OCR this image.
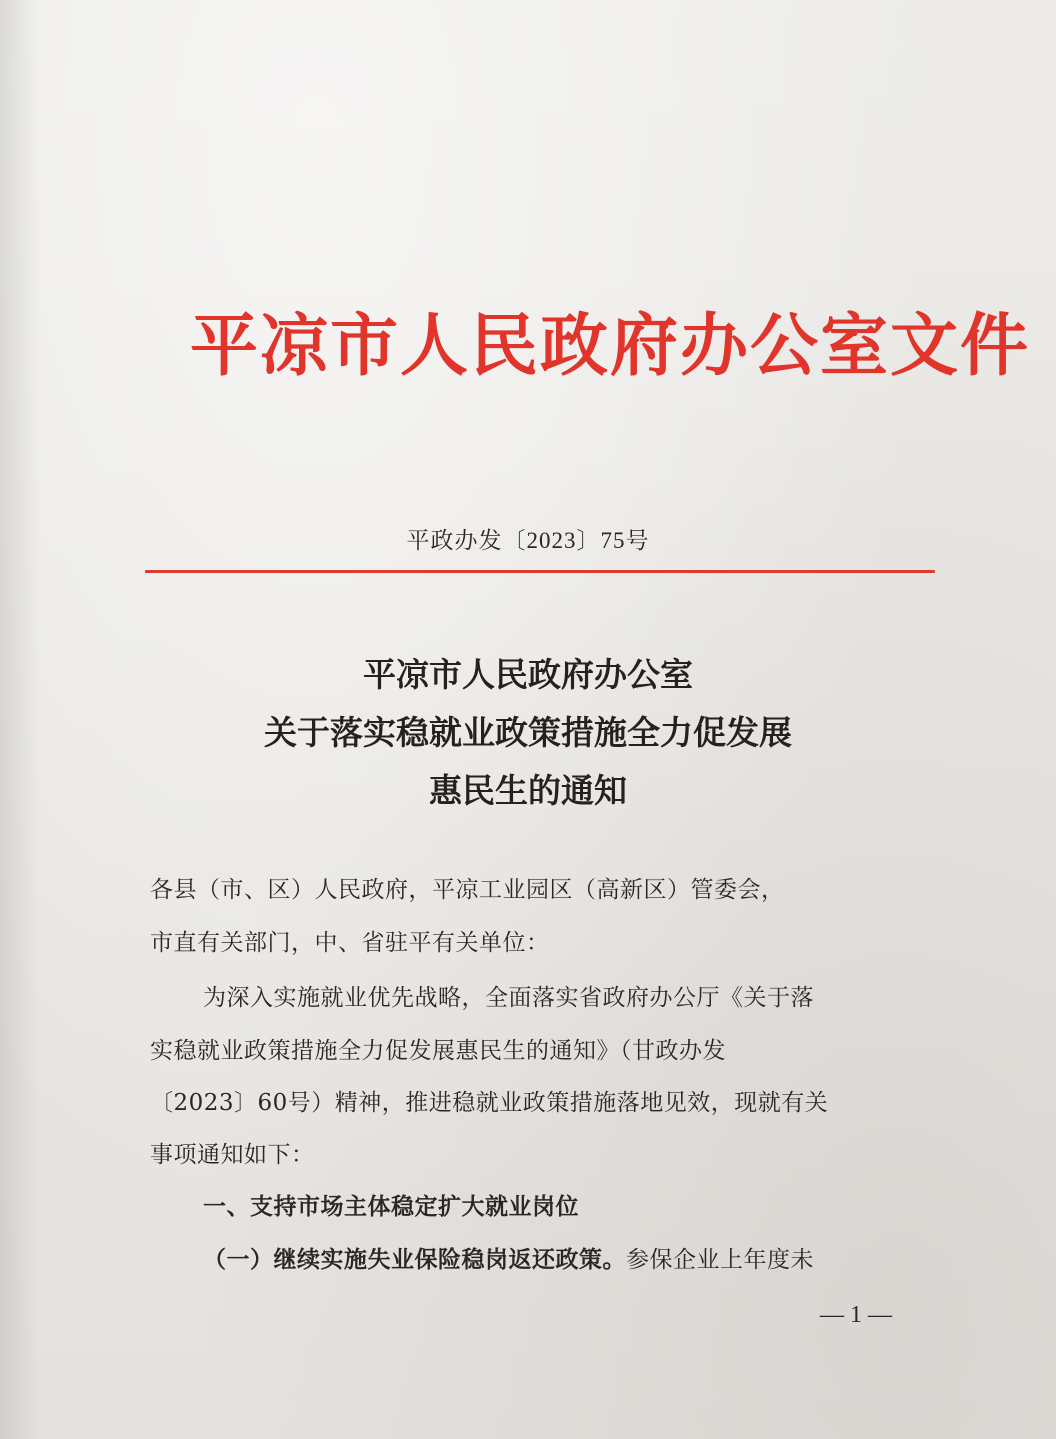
平凉市人民政府办公室文件
平政办发〔2023〕75号
平凉市人民政府办公室
关于落实稳就业政策措施全力促发展
惠民生的通知
各县（市、区）人民政府，平凉工业园区（高新区）管委会，
市直有关部门，中、省驻平有关单位：
为深入实施就业优先战略，全面落实省政府办公厅《关于落
实稳就业政策措施全力促发展惠民生的通知》（甘政办发
〔2023〕60号）精神，推进稳就业政策措施落地见效，现就有关
事项通知如下：
一、支持市场主体稳定扩大就业岗位
（一）继续实施失业保险稳岗返还政策。参保企业上年度未
— 1 —
